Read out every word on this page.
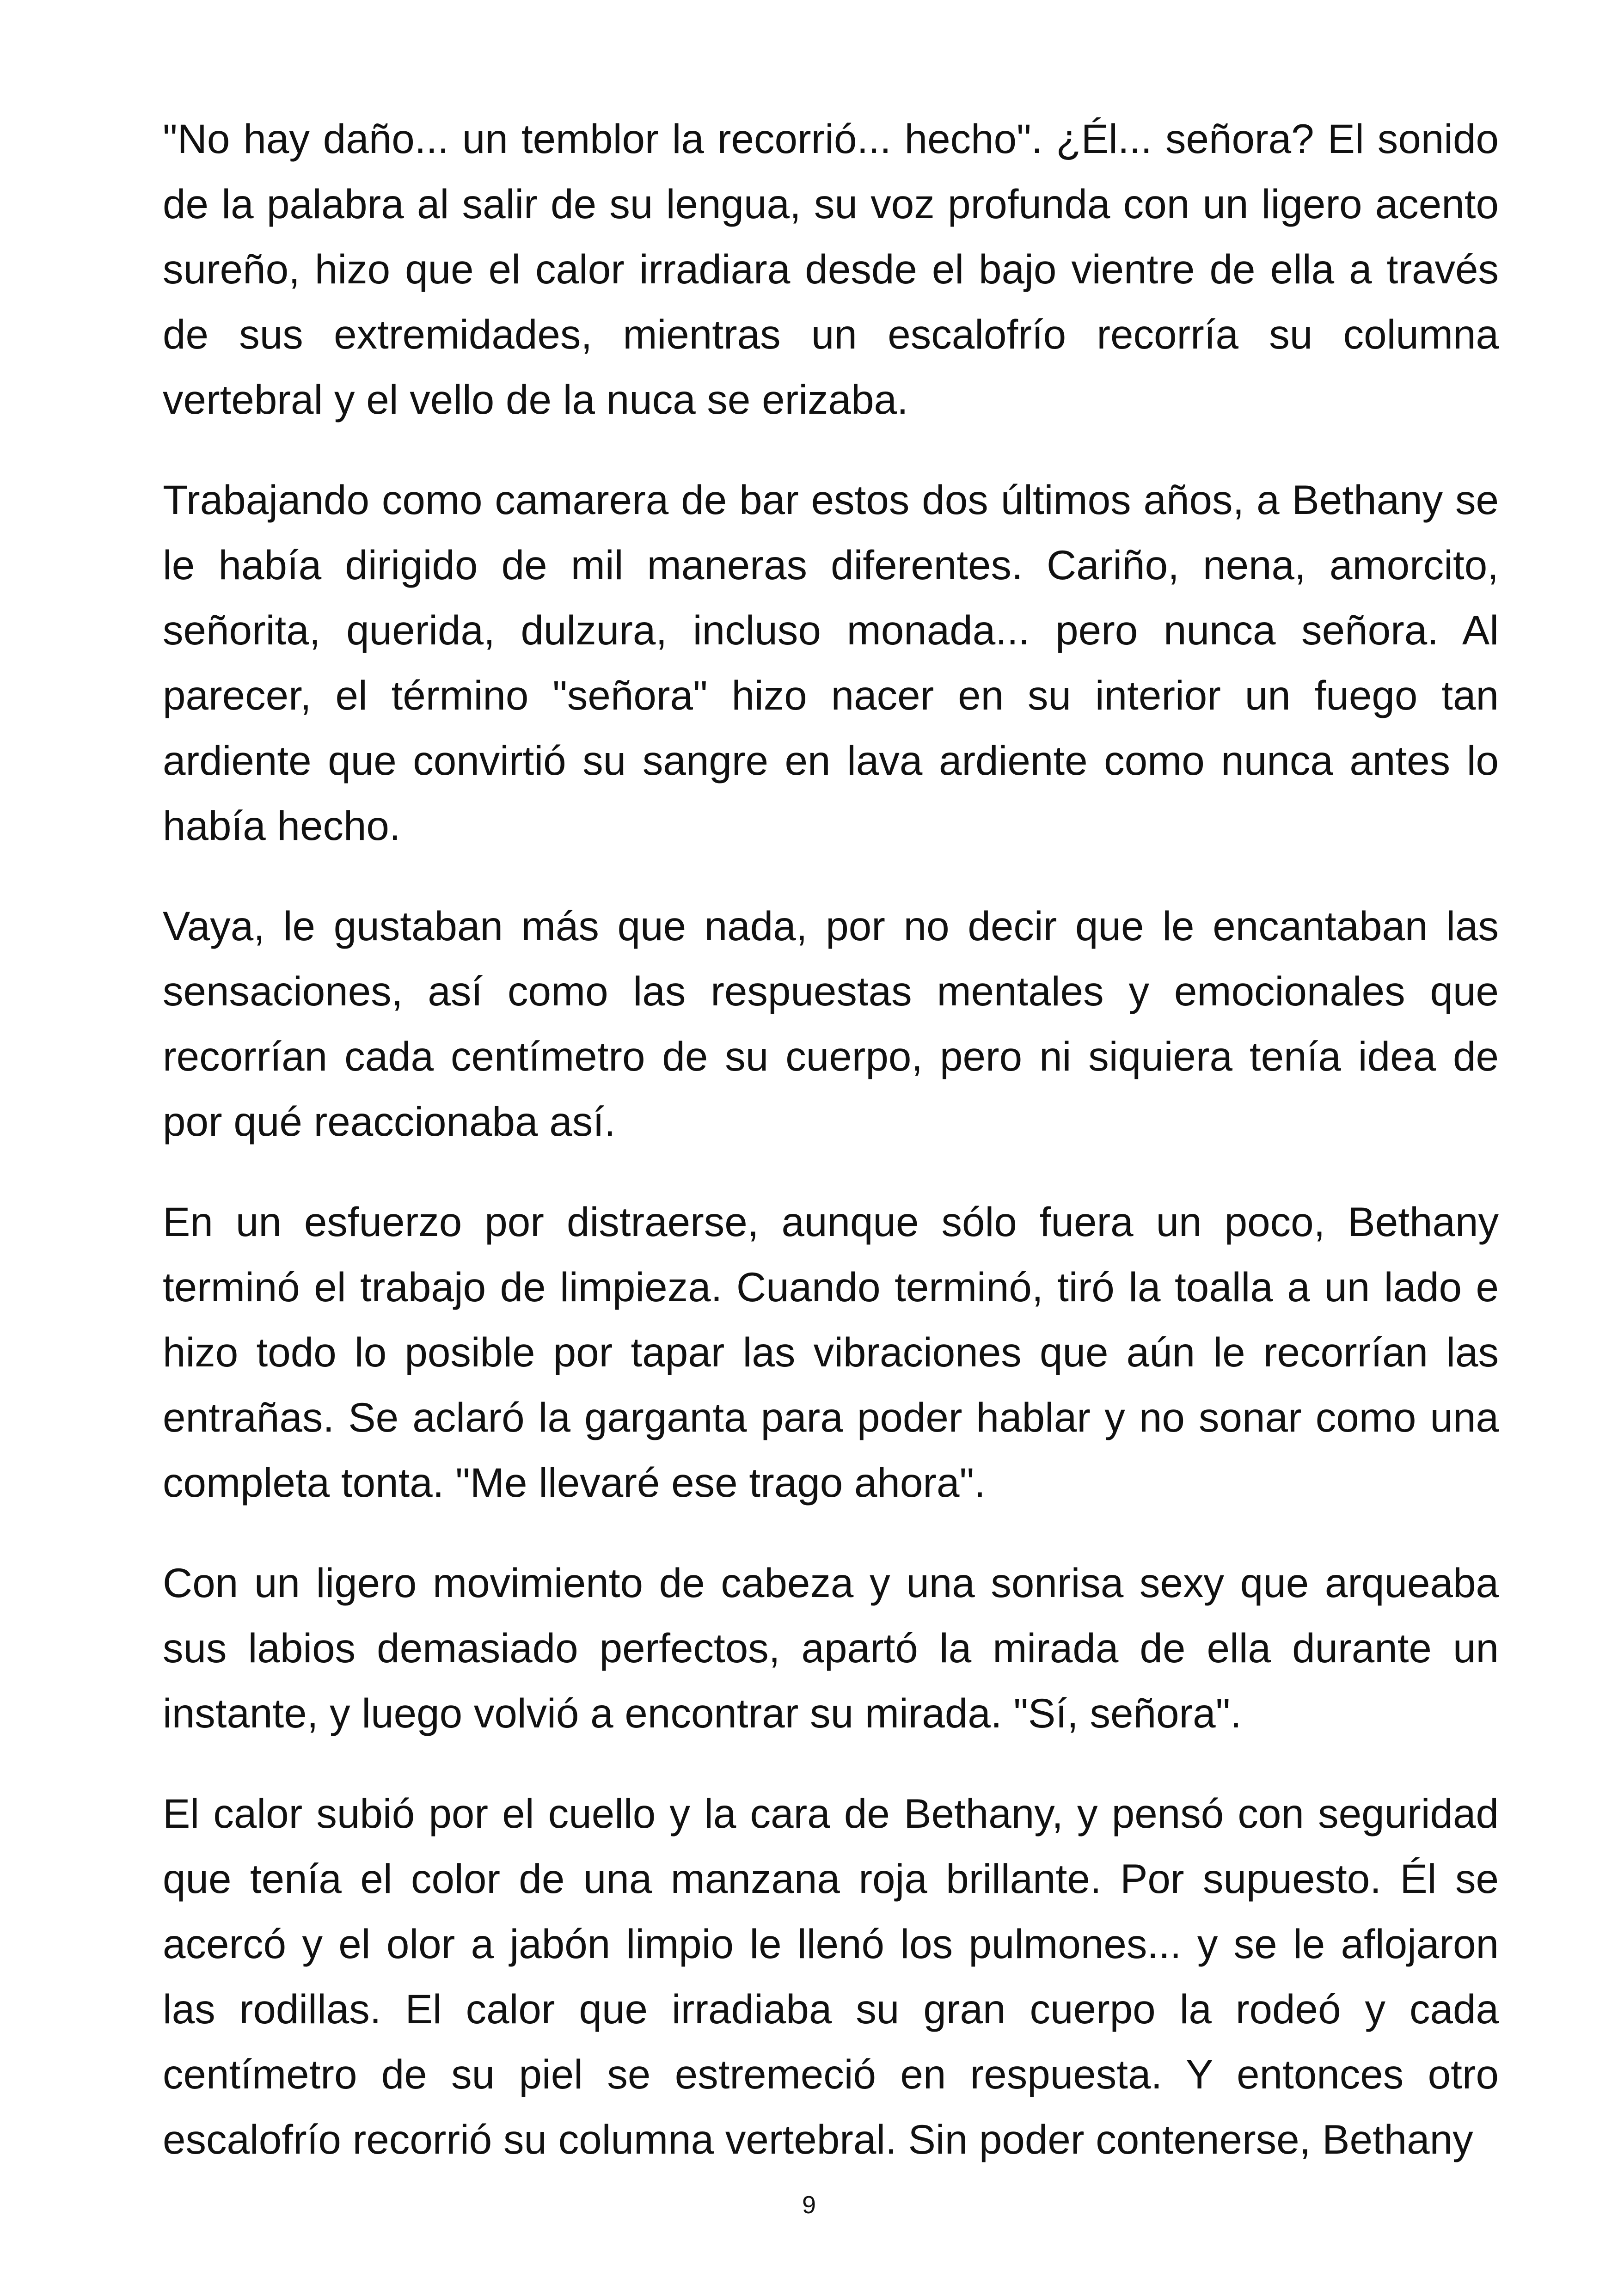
"No hay daño... un temblor la recorrió... hecho". ¿Él... señora? El sonido de la palabra al salir de su lengua, su voz profunda con un ligero acento sureño, hizo que el calor irradiara desde el bajo vientre de ella a través de sus extremidades, mientras un escalofrío recorría su columna vertebral y el vello de la nuca se erizaba.

Trabajando como camarera de bar estos dos últimos años, a Bethany se le había dirigido de mil maneras diferentes. Cariño, nena, amorcito, señorita, querida, dulzura, incluso monada... pero nunca señora. Al parecer, el término "señora" hizo nacer en su interior un fuego tan ardiente que convirtió su sangre en lava ardiente como nunca antes lo había hecho.

Vaya, le gustaban más que nada, por no decir que le encantaban las sensaciones, así como las respuestas mentales y emocionales que recorrían cada centímetro de su cuerpo, pero ni siquiera tenía idea de por qué reaccionaba así.

En un esfuerzo por distraerse, aunque sólo fuera un poco, Bethany terminó el trabajo de limpieza. Cuando terminó, tiró la toalla a un lado e hizo todo lo posible por tapar las vibraciones que aún le recorrían las entrañas. Se aclaró la garganta para poder hablar y no sonar como una completa tonta. "Me llevaré ese trago ahora".

Con un ligero movimiento de cabeza y una sonrisa sexy que arqueaba sus labios demasiado perfectos, apartó la mirada de ella durante un instante, y luego volvió a encontrar su mirada. "Sí, señora".

El calor subió por el cuello y la cara de Bethany, y pensó con seguridad que tenía el color de una manzana roja brillante. Por supuesto. Él se acercó y el olor a jabón limpio le llenó los pulmones... y se le aflojaron las rodillas. El calor que irradiaba su gran cuerpo la rodeó y cada centímetro de su piel se estremeció en respuesta. Y entonces otro escalofrío recorrió su columna vertebral. Sin poder contenerse, Bethany

9
